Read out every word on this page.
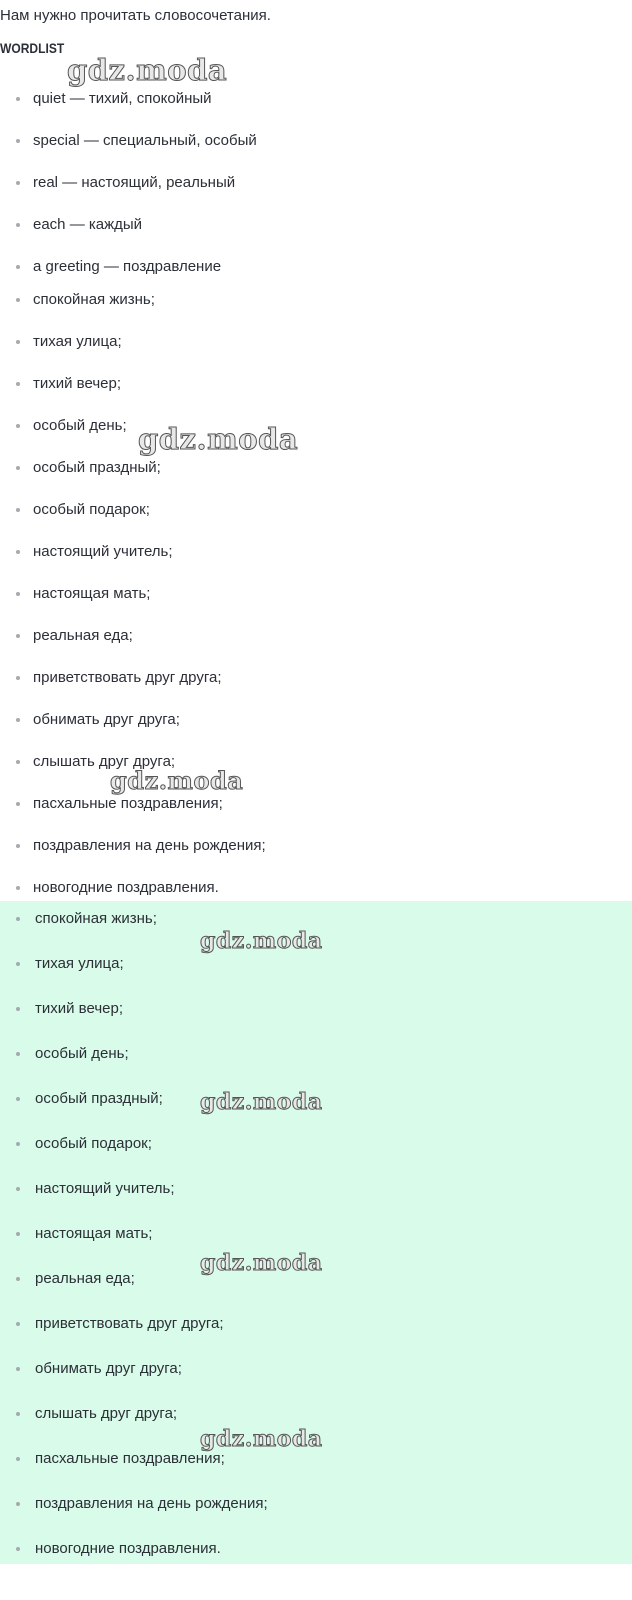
Нам нужно прочитать словосочетания.
WORDLIST
quiet — тихий, спокойный
special — специальный, особый
real — настоящий, реальный
each — каждый
a greeting — поздравление
спокойная жизнь;
тихая улица;
тихий вечер;
особый день;
особый праздный;
особый подарок;
настоящий учитель;
настоящая мать;
реальная еда;
приветствовать друг друга;
обнимать друг друга;
слышать друг друга;
пасхальные поздравления;
поздравления на день рождения;
новогодние поздравления.
спокойная жизнь;
тихая улица;
тихий вечер;
особый день;
особый праздный;
особый подарок;
настоящий учитель;
настоящая мать;
реальная еда;
приветствовать друг друга;
обнимать друг друга;
слышать друг друга;
пасхальные поздравления;
поздравления на день рождения;
новогодние поздравления.
gdz.moda
gdz.moda
gdz.moda
gdz.moda
gdz.moda
gdz.moda
gdz.moda
